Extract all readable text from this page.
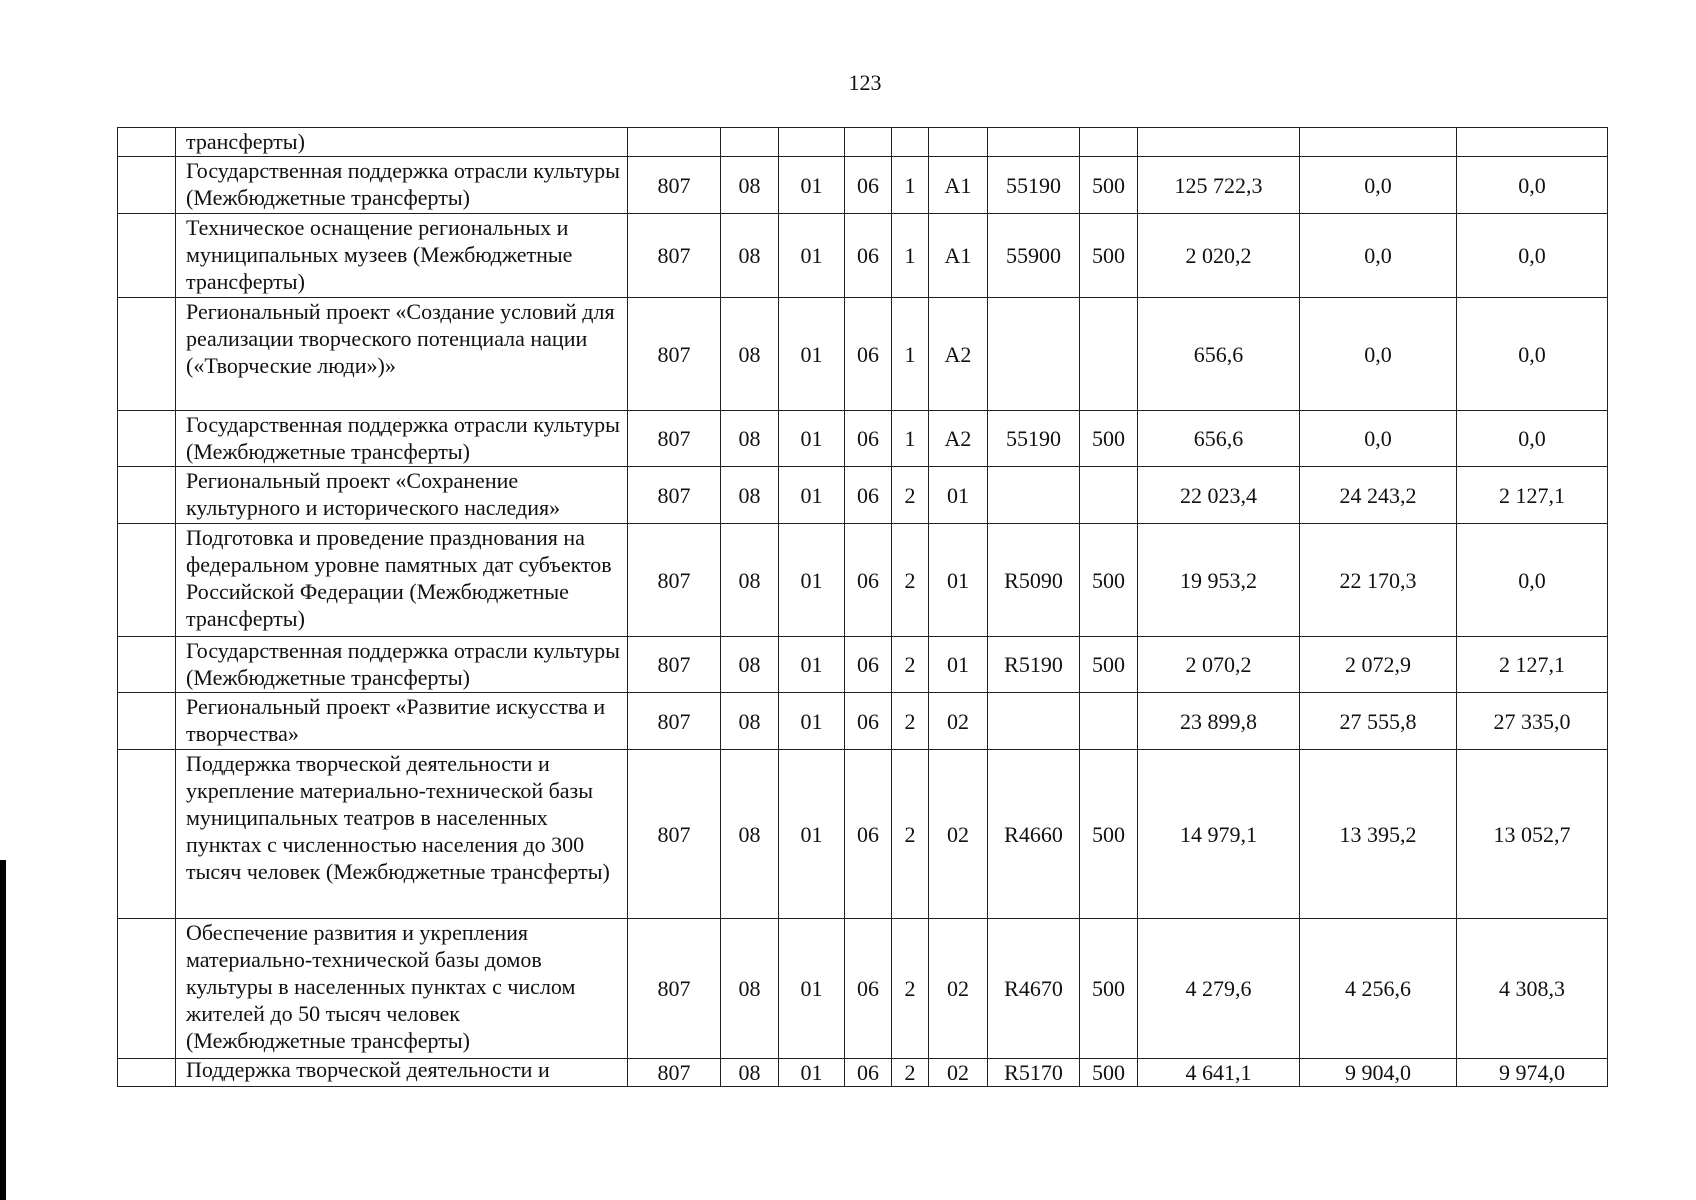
123
	трансферты)											
	Государственная поддержка отрасли культуры (Межбюджетные трансферты)	807	08	01	06	1	A1	55190	500	125 722,3	0,0	0,0
	Техническое оснащение региональных и муниципальных музеев (Межбюджетные трансферты)	807	08	01	06	1	A1	55900	500	2 020,2	0,0	0,0
	Региональный проект «Создание условий для реализации творческого потенциала нации («Творческие люди»)»	807	08	01	06	1	A2			656,6	0,0	0,0
	Государственная поддержка отрасли культуры (Межбюджетные трансферты)	807	08	01	06	1	A2	55190	500	656,6	0,0	0,0
	Региональный проект «Сохранение культурного и исторического наследия»	807	08	01	06	2	01			22 023,4	24 243,2	2 127,1
	Подготовка и проведение празднования на федеральном уровне памятных дат субъектов Российской Федерации (Межбюджетные трансферты)	807	08	01	06	2	01	R5090	500	19 953,2	22 170,3	0,0
	Государственная поддержка отрасли культуры (Межбюджетные трансферты)	807	08	01	06	2	01	R5190	500	2 070,2	2 072,9	2 127,1
	Региональный проект «Развитие искусства и творчества»	807	08	01	06	2	02			23 899,8	27 555,8	27 335,0
	Поддержка творческой деятельности и укрепление материально-технической базы муниципальных театров в населенных пунктах с численностью населения до 300 тысяч человек (Межбюджетные трансферты)	807	08	01	06	2	02	R4660	500	14 979,1	13 395,2	13 052,7
	Обеспечение развития и укрепления материально-технической базы домов культуры в населенных пунктах с числом жителей до 50 тысяч человек (Межбюджетные трансферты)	807	08	01	06	2	02	R4670	500	4 279,6	4 256,6	4 308,3
	Поддержка творческой деятельности и	807	08	01	06	2	02	R5170	500	4 641,1	9 904,0	9 974,0
